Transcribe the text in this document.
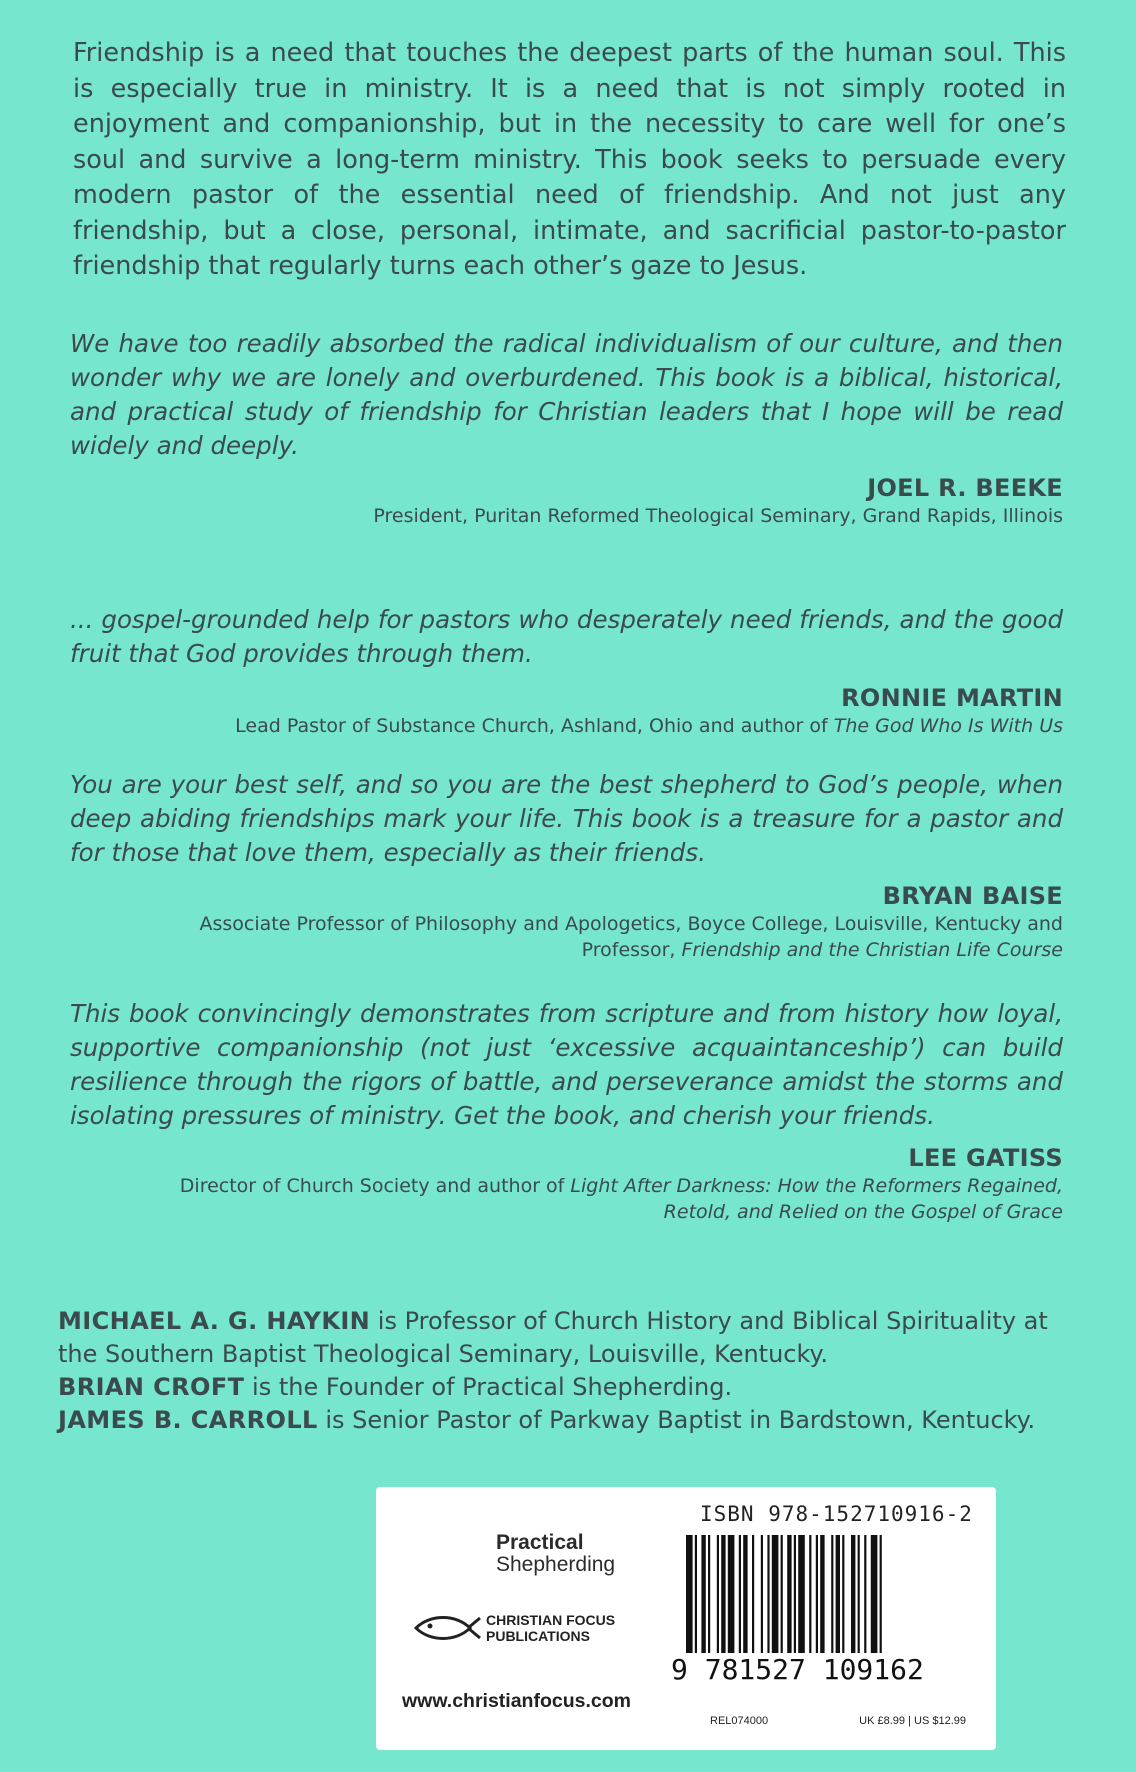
Friendship is a need that touches the deepest parts of the human soul. This is especially true in ministry. It is a need that is not simply rooted in enjoyment and companionship, but in the necessity to care well for one’s soul and survive a long-term ministry. This book seeks to persuade every modern pastor of the essential need of friendship. And not just any friendship, but a close, personal, intimate, and sacrificial pastor-to-pastor friendship that regularly turns each other’s gaze to Jesus.

We have too readily absorbed the radical individualism of our culture, and then wonder why we are lonely and overburdened. This book is a biblical, historical, and practical study of friendship for Christian leaders that I hope will be read widely and deeply.

JOEL R. BEEKE

President, Puritan Reformed Theological Seminary, Grand Rapids, Illinois

... gospel-grounded help for pastors who desperately need friends, and the good fruit that God provides through them.

RONNIE MARTIN

Lead Pastor of Substance Church, Ashland, Ohio and author of The God Who Is With Us

You are your best self, and so you are the best shepherd to God’s people, when deep abiding friendships mark your life. This book is a treasure for a pastor and for those that love them, especially as their friends.

BRYAN BAISE

Associate Professor of Philosophy and Apologetics, Boyce College, Louisville, Kentucky and

Professor, Friendship and the Christian Life Course

This book convincingly demonstrates from scripture and from history how loyal, supportive companionship (not just ‘excessive acquaintanceship’) can build resilience through the rigors of battle, and perseverance amidst the storms and isolating pressures of ministry. Get the book, and cherish your friends.

LEE GATISS

Director of Church Society and author of Light After Darkness: How the Reformers Regained,

Retold, and Relied on the Gospel of Grace

MICHAEL A. G. HAYKIN is Professor of Church History and Biblical Spirituality at the Southern Baptist Theological Seminary, Louisville, Kentucky.

BRIAN CROFT is the Founder of Practical Shepherding.

JAMES B. CARROLL is Senior Pastor of Parkway Baptist in Bardstown, Kentucky.

Practical
Shepherding
CHRISTIAN FOCUS
PUBLICATIONS
www.christianfocus.com
ISBN 978-152710916-2
9 781527 109162
REL074000	UK £8.99 | US $12.99
